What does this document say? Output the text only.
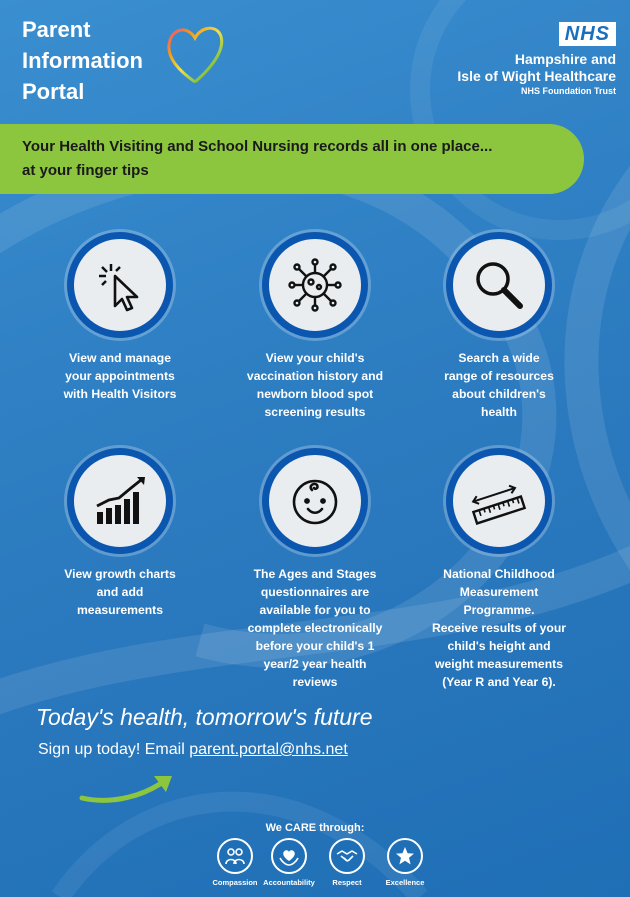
Parent
Information
Portal
NHS
Hampshire and
Isle of Wight Healthcare
NHS Foundation Trust
Your Health Visiting and School Nursing records all in one place...
at your finger tips
View and manage
your appointments
with Health Visitors
View your child's
vaccination history and
newborn blood spot
screening results
Search a wide
range of resources
about children's
health
View growth charts
and add
measurements
The Ages and Stages
questionnaires are
available for you to
complete electronically
before your child's 1
year/2 year health
reviews
National Childhood
Measurement
Programme.
Receive results of your
child's height and
weight measurements
(Year R and Year 6).
Today's health, tomorrow's future
Sign up today! Email parent.portal@nhs.net
We CARE through:
Compassion Accountability	Respect	Excellence
